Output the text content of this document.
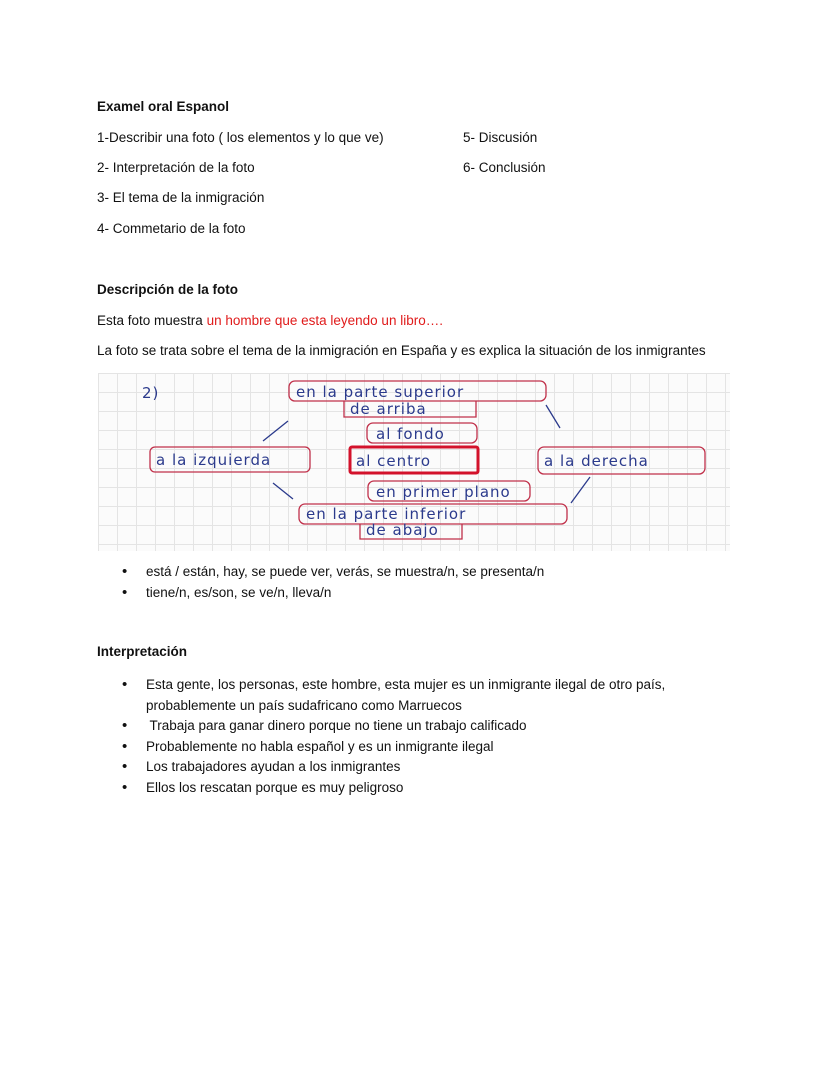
Examel oral Espanol
1-Describir una foto ( los elementos y lo que ve)
2- Interpretación de la foto
3- El tema de la inmigración
4- Commetario de la foto
5- Discusión
6- Conclusión
Descripción de la foto
Esta foto muestra un hombre que esta leyendo un libro….
La foto se trata sobre el tema de la inmigración en España y es explica la situación de los inmigrantes
2)	en la parte superior
de arriba
al fondo
a la izquierda	al centro	a la derecha
en primer plano
en la parte inferior
de abajo
• está / están, hay, se puede ver, verás, se muestra/n, se presenta/n
• tiene/n, es/son, se ve/n, lleva/n
Interpretación
• Esta gente, los personas, este hombre, esta mujer es un inmigrante ilegal de otro país,
probablemente un país sudafricano como Marruecos
•  Trabaja para ganar dinero porque no tiene un trabajo calificado
• Probablemente no habla español y es un inmigrante ilegal
• Los trabajadores ayudan a los inmigrantes
• Ellos los rescatan porque es muy peligroso
